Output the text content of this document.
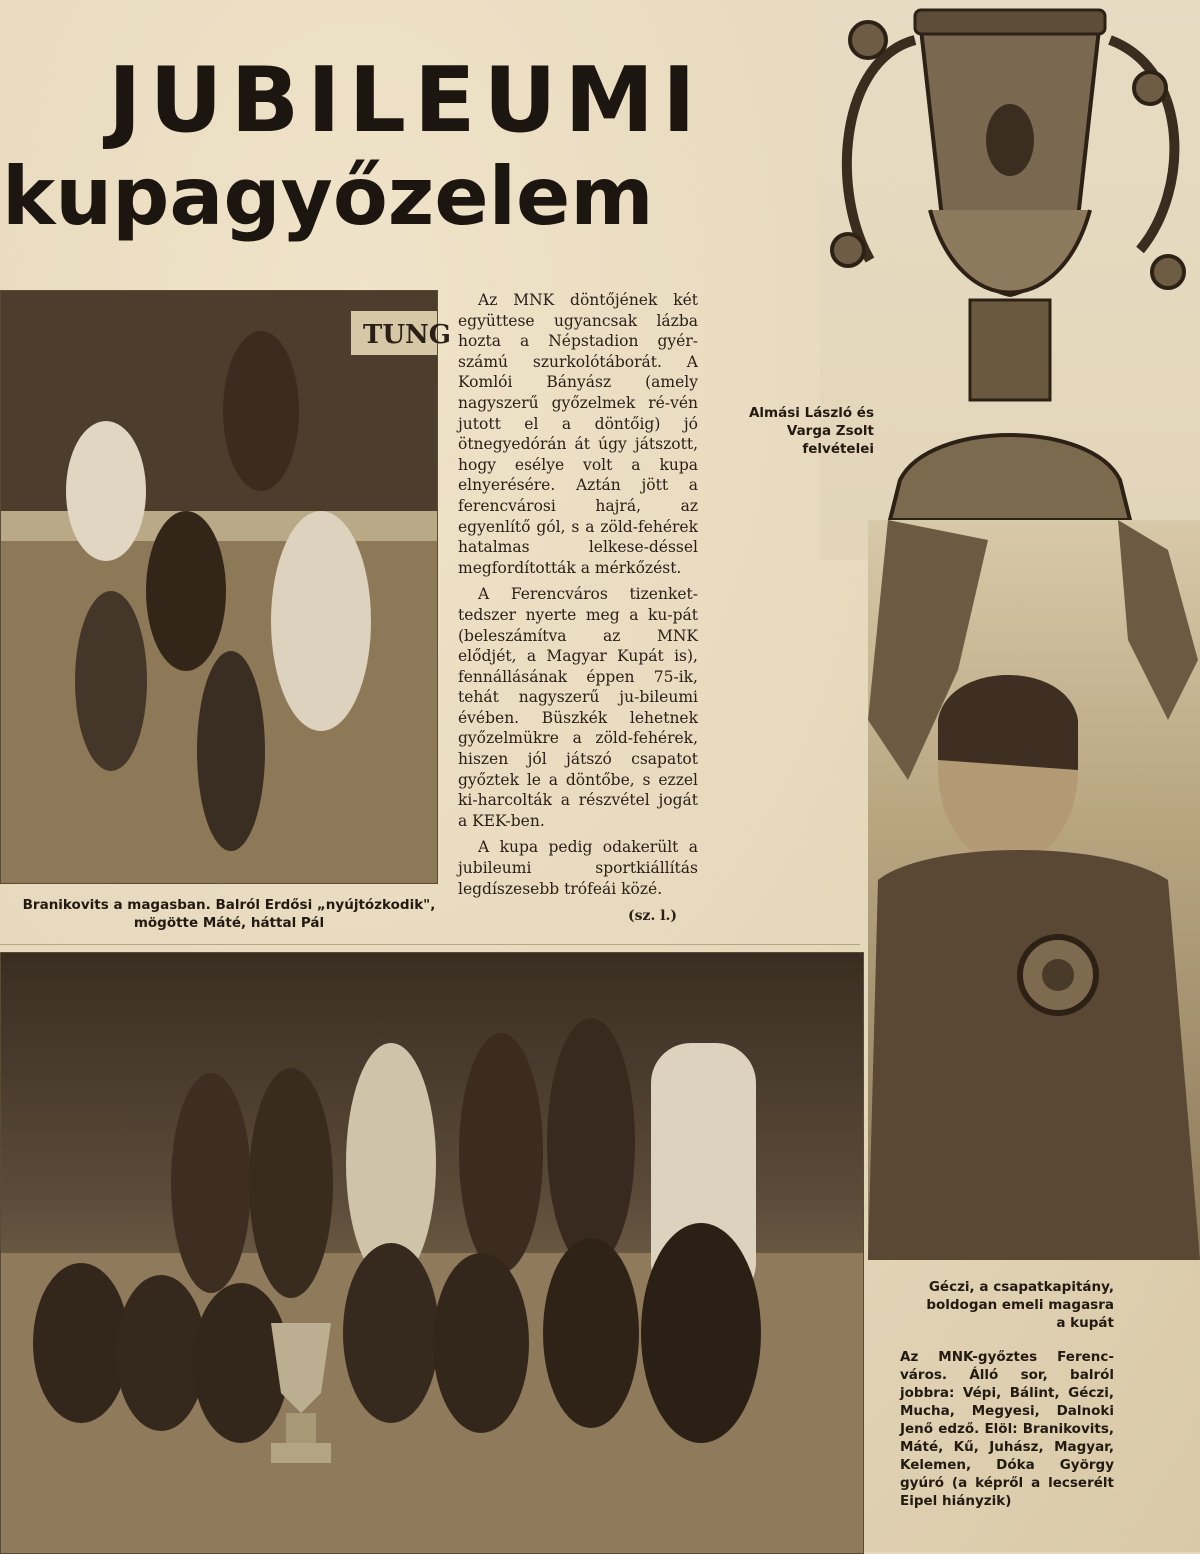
JUBILEUMI
kupagyőzelem
TUNG

Az MNK döntőjének két együttese ugyancsak lázba hozta a Népstadion gyér-számú szurkolótáborát. A Komlói Bányász (amely nagyszerű győzelmek ré-vén jutott el a döntőig) jó ötnegyedórán át úgy játszott, hogy esélye volt a kupa elnyerésére. Aztán jött a ferencvárosi hajrá, az egyenlítő gól, s a zöld-fehérek hatalmas lelkese-déssel megfordították a mérkőzést.

A Ferencváros tizenket-tedszer nyerte meg a ku-pát (beleszámítva az MNK elődjét, a Magyar Kupát is), fennállásának éppen 75-ik, tehát nagyszerű ju-bileumi évében. Büszkék lehetnek győzelmükre a zöld-fehérek, hiszen jól játszó csapatot győztek le a döntőbe, s ezzel ki-harcolták a részvétel jogát a KEK-ben.

A kupa pedig odakerült a jubileumi sportkiállítás legdíszesebb trófeái közé.

(sz. l.)
Almási László és
Varga Zsolt
felvételei
Branikovits a magasban. Balról Erdősi „nyújtózkodik",
mögötte Máté, háttal Pál
Géczi, a csapatkapitány,
boldogan emeli magasra
a kupát
Az MNK-győztes Ferenc-város. Álló sor, balról jobbra: Vépi, Bálint, Géczi, Mucha, Megyesi, Dalnoki Jenő edző. Elöl: Branikovits, Máté, Kű, Juhász, Magyar, Kelemen, Dóka György gyúró (a képről a lecserélt Eipel hiányzik)
